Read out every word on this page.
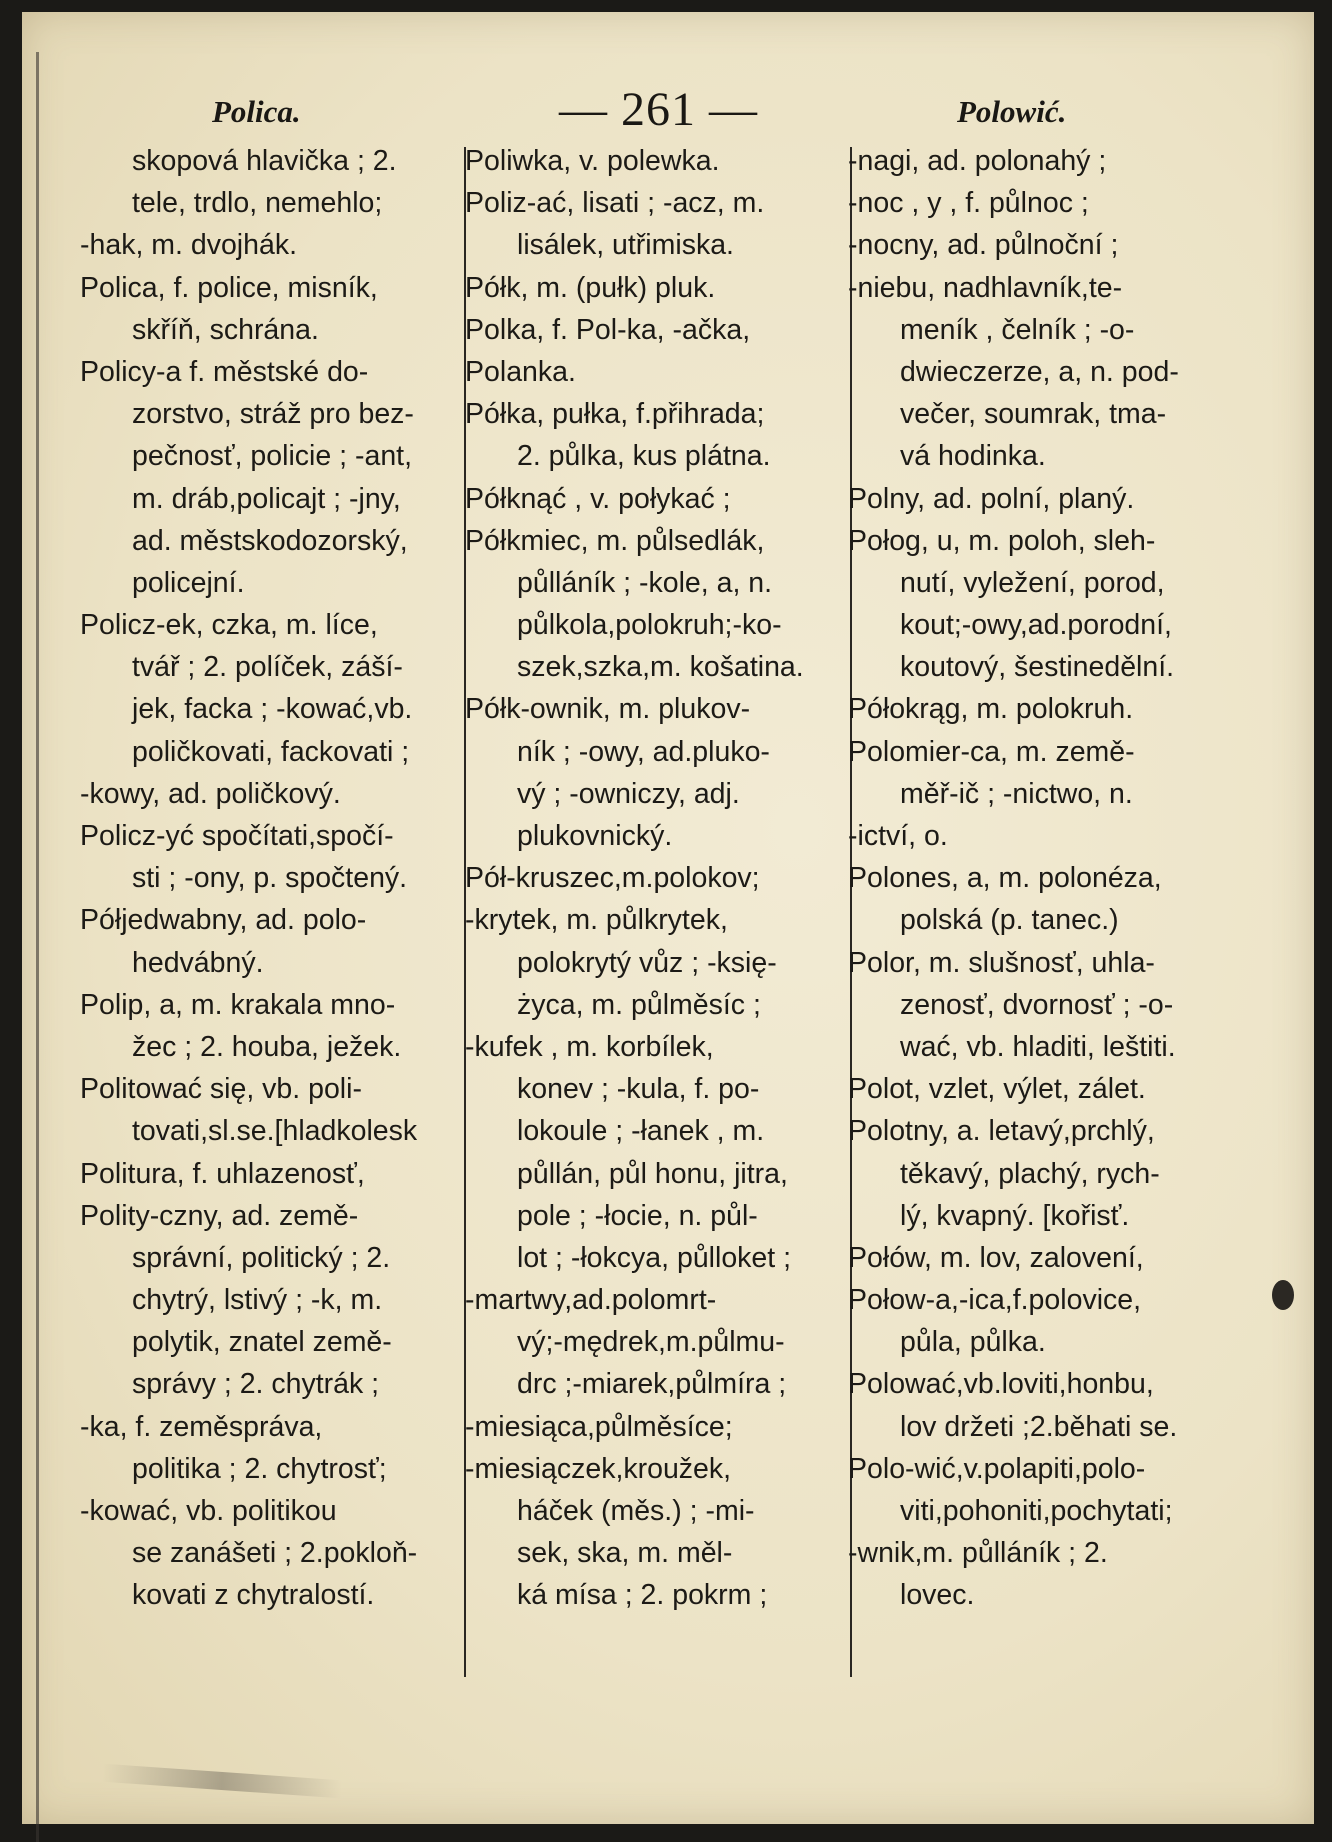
Polica.	— 261 —	Polowić.
skopová hlavička ; 2.
tele, trdlo, nemehlo;
-hak, m. dvojhák.
Polica, f. police, misník,
skříň, schrána.
Policy-a f. městské do-
zorstvo, stráž pro bez-
pečnosť, policie ; -ant,
m. dráb,policajt ; -jny,
ad. městskodozorský,
policejní.
Policz-ek, czka, m. líce,
tvář ; 2. políček, záší-
jek, facka ; -kować,vb.
poličkovati, fackovati ;
-kowy, ad. poličkový.
Policz-yć spočítati,spočí-
sti ; -ony, p. spočtený.
Półjedwabny, ad. polo-
hedvábný.
Polip, a, m. krakala mno-
žec ; 2. houba, ježek.
Politować się, vb. poli-
tovati,sl.se.[hladkolesk
Politura, f. uhlazenosť,
Polity-czny, ad. země-
správní, politický ; 2.
chytrý, lstivý ; -k, m.
polytik, znatel země-
správy ; 2. chytrák ;
-ka, f. zeměspráva,
politika ; 2. chytrosť;
-kować, vb. politikou
se zanášeti ; 2.pokloň-
kovati z chytralostí.
Poliwka, v. polewka.
Poliz-ać, lisati ; -acz, m.
lisálek, utřimiska.
Półk, m. (pułk) pluk.
Polka, f. Pol-ka, -ačka,
Polanka.
Półka, pułka, f.přihrada;
2. půlka, kus plátna.
Półknąć , v. połykać ;
Półkmiec, m. půlsedlák,
půlláník ; -kole, a, n.
půlkola,polokruh;-ko-
szek,szka,m. košatina.
Półk-ownik, m. plukov-
ník ; -owy, ad.pluko-
vý ; -owniczy, adj.
plukovnický.
Pół-kruszec,m.polokov;
-krytek, m. půlkrytek,
polokrytý vůz ; -księ-
życa, m. půlměsíc ;
-kufek , m. korbílek,
konev ; -kula, f. po-
lokoule ; -łanek , m.
půllán, půl honu, jitra,
pole ; -łocie, n. půl-
lot ; -łokcya, půlloket ;
-martwy,ad.polomrt-
vý;-mędrek,m.půlmu-
drc ;-miarek,půlmíra ;
-miesiąca,půlměsíce;
-miesiączek,kroužek,
háček (měs.) ; -mi-
sek, ska, m. měl-
ká mísa ; 2. pokrm ;
-nagi, ad. polonahý ;
-noc , y , f. půlnoc ;
-nocny, ad. půlnoční ;
-niebu, nadhlavník,te-
meník , čelník ; -o-
dwieczerze, a, n. pod-
večer, soumrak, tma-
vá hodinka.
Polny, ad. polní, planý.
Połog, u, m. poloh, sleh-
nutí, vyležení, porod,
kout;-owy,ad.porodní,
koutový, šestinedělní.
Półokrąg, m. polokruh.
Polomier-ca, m. země-
měř-ič ; -nictwo, n.
-ictví, o.
Polones, a, m. polonéza,
polská (p. tanec.)
Polor, m. slušnosť, uhla-
zenosť, dvornosť ; -o-
wać, vb. hladiti, leštiti.
Polot, vzlet, výlet, zálet.
Polotny, a. letavý,prchlý,
těkavý, plachý, rych-
lý, kvapný. [kořisť.
Połów, m. lov, zalovení,
Połow-a,-ica,f.polovice,
půla, půlka.
Polować,vb.loviti,honbu,
lov držeti ;2.běhati se.
Polo-wić,v.polapiti,polo-
viti,pohoniti,pochytati;
-wnik,m. půlláník ; 2.
lovec.
